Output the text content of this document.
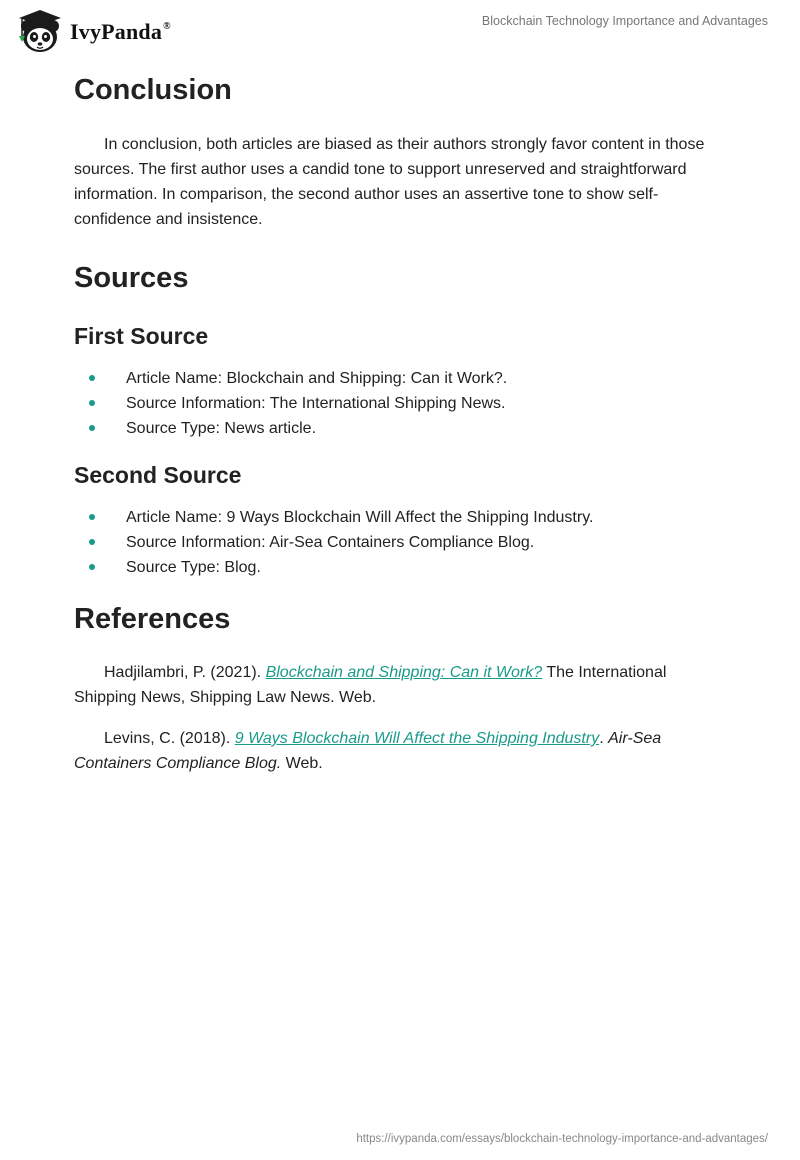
IvyPanda®	Blockchain Technology Importance and Advantages
Conclusion

In conclusion, both articles are biased as their authors strongly favor content in those sources. The first author uses a candid tone to support unreserved and straightforward information. In comparison, the second author uses an assertive tone to show self-confidence and insistence.

Sources
First Source
Article Name: Blockchain and Shipping: Can it Work?.
Source Information: The International Shipping News.
Source Type: News article.
Second Source
Article Name: 9 Ways Blockchain Will Affect the Shipping Industry.
Source Information: Air-Sea Containers Compliance Blog.
Source Type: Blog.
References

Hadjilambri, P. (2021). Blockchain and Shipping: Can it Work? The International Shipping News, Shipping Law News. Web.

Levins, C. (2018). 9 Ways Blockchain Will Affect the Shipping Industry. Air-Sea Containers Compliance Blog. Web.

https://ivypanda.com/essays/blockchain-technology-importance-and-advantages/
